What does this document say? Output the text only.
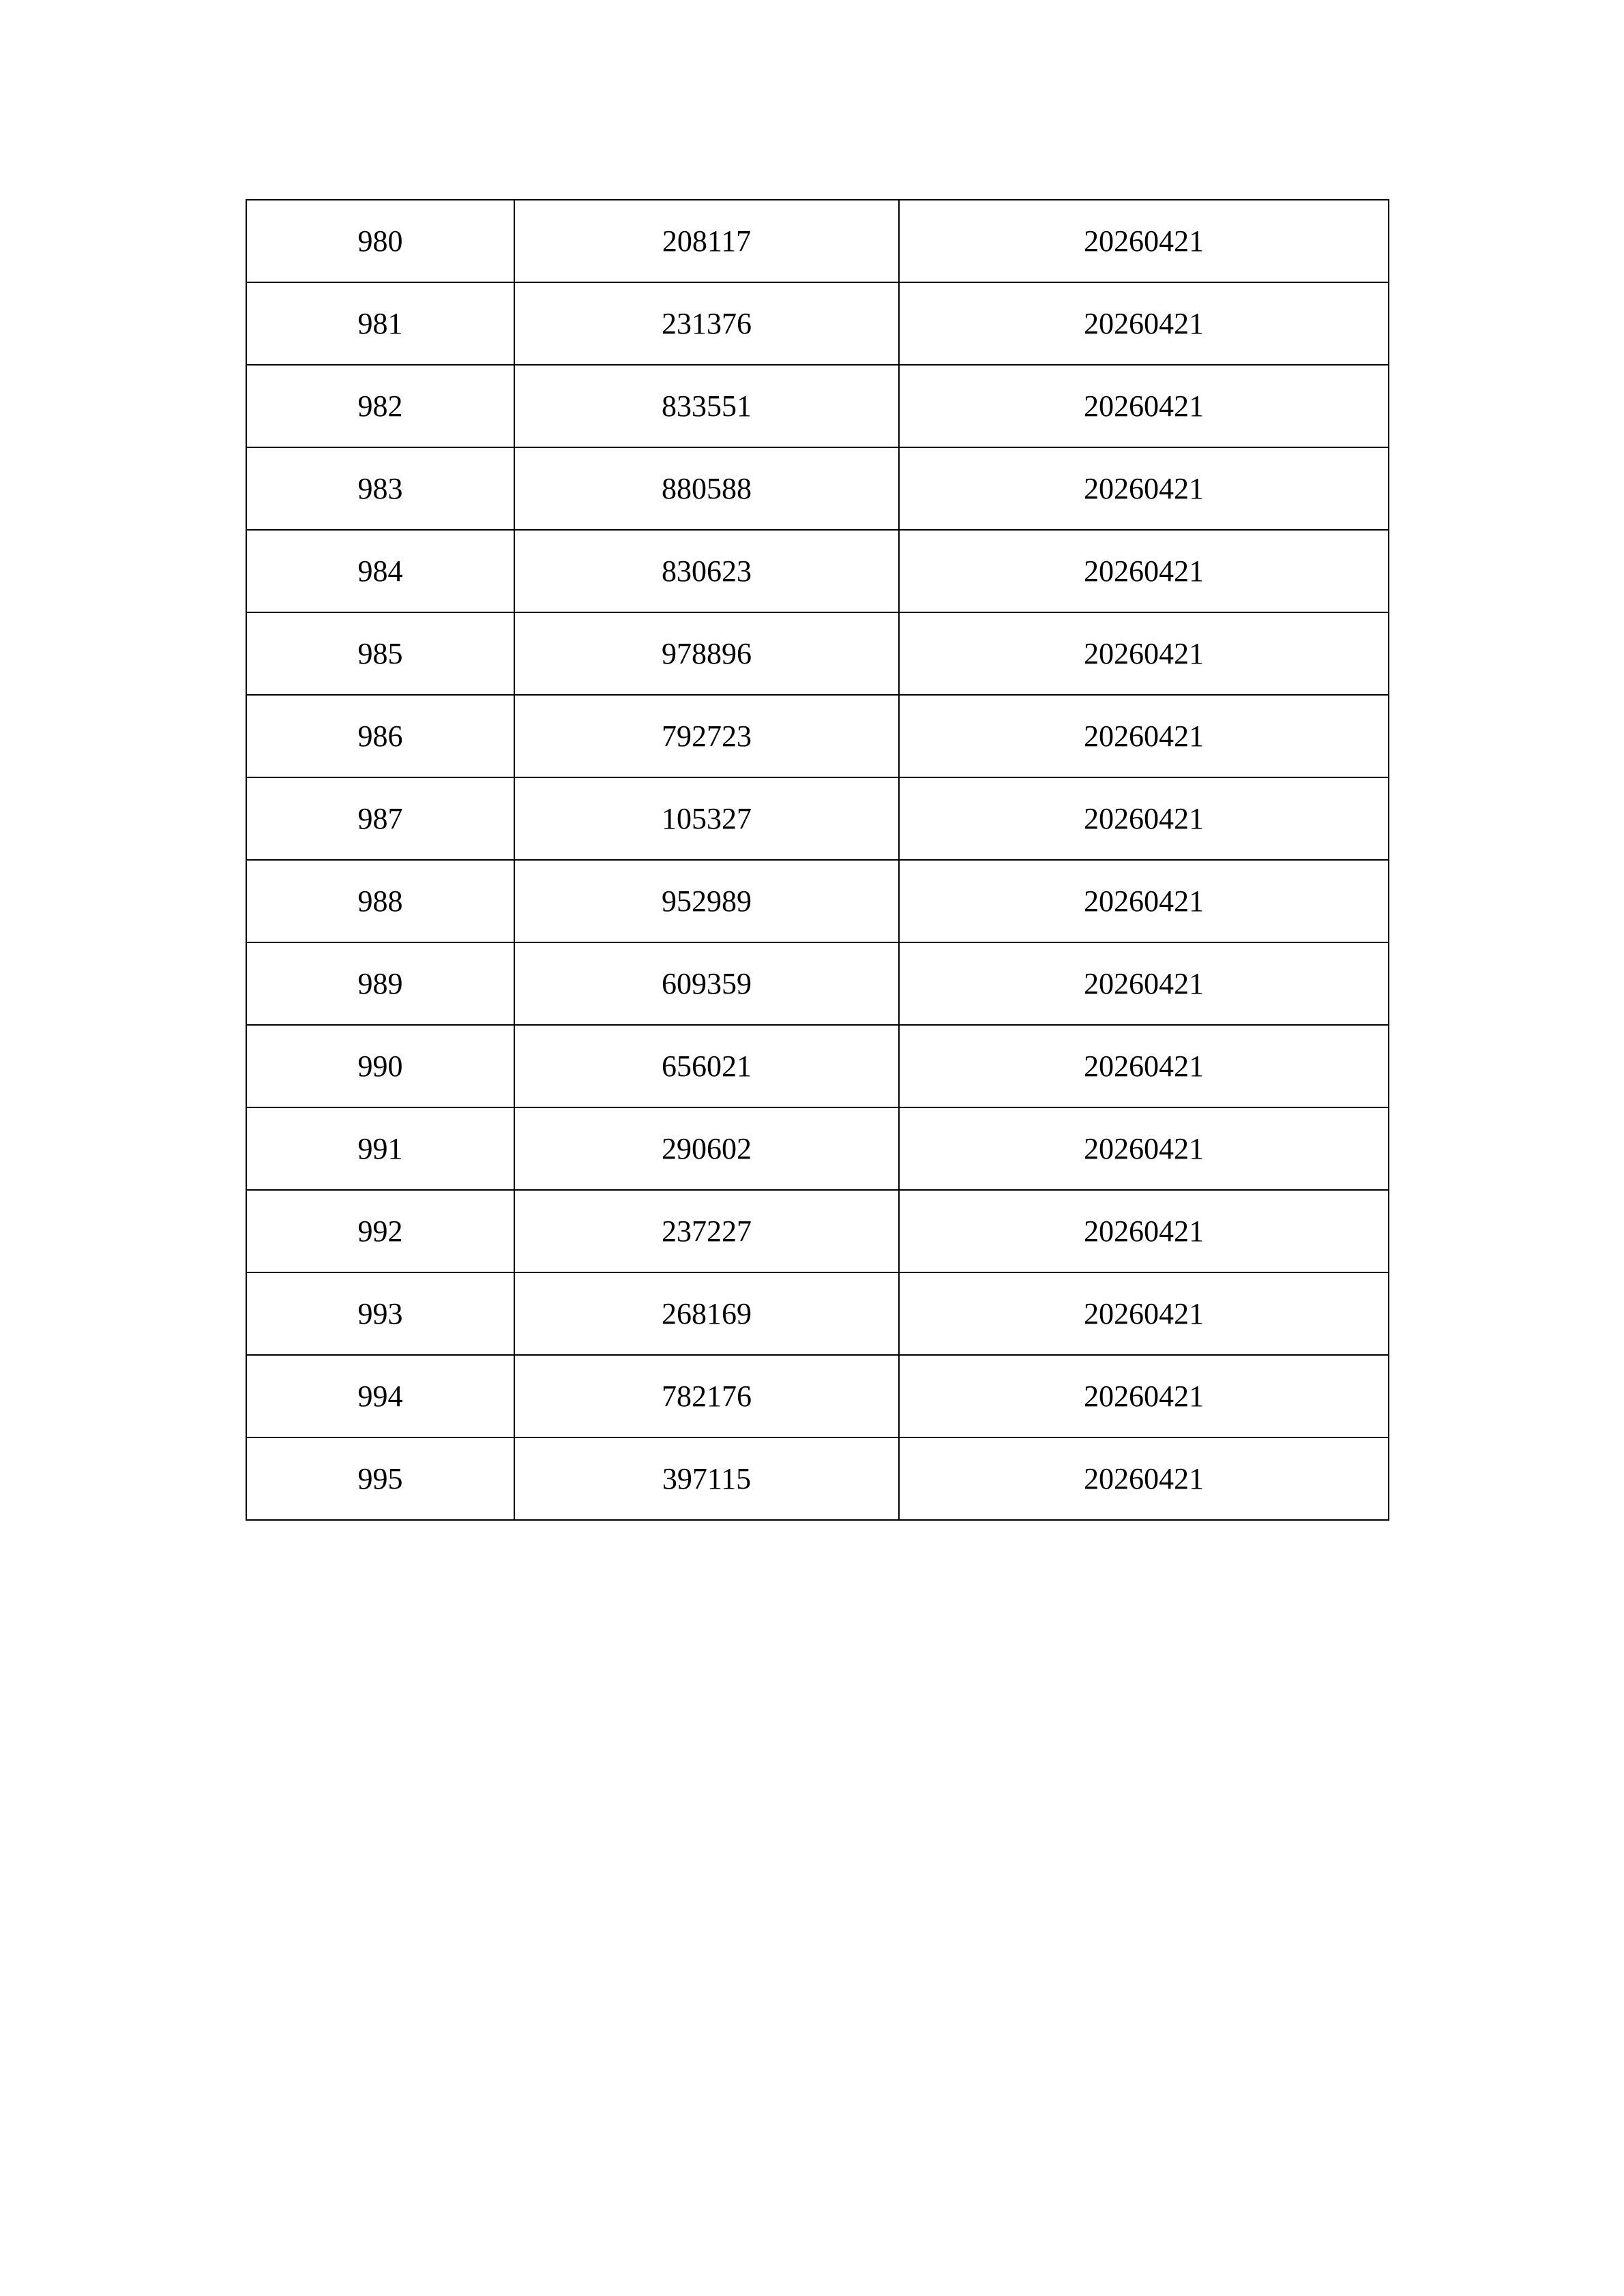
980	208117	20260421
981	231376	20260421
982	833551	20260421
983	880588	20260421
984	830623	20260421
985	978896	20260421
986	792723	20260421
987	105327	20260421
988	952989	20260421
989	609359	20260421
990	656021	20260421
991	290602	20260421
992	237227	20260421
993	268169	20260421
994	782176	20260421
995	397115	20260421
